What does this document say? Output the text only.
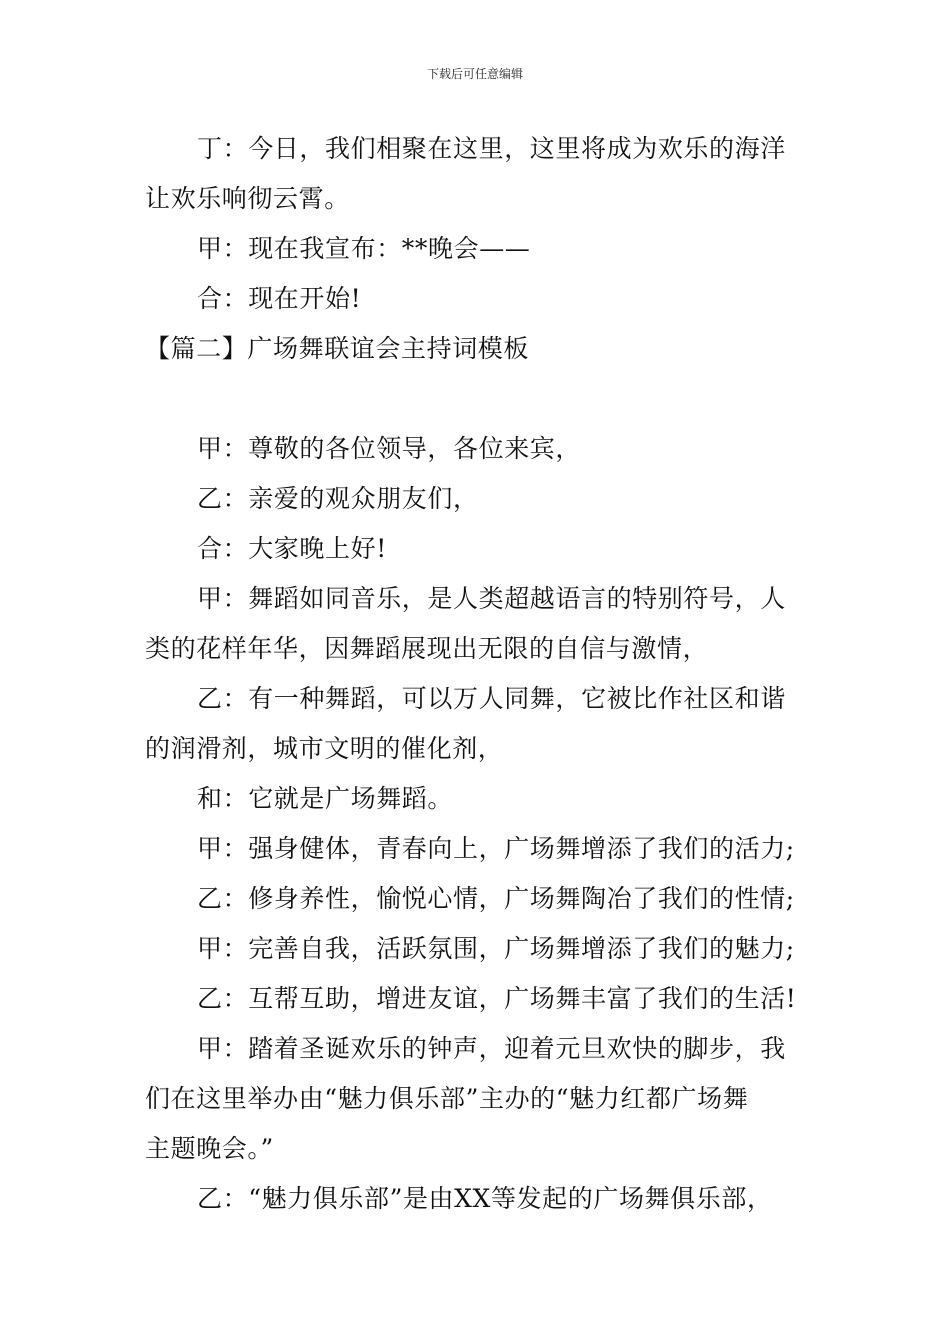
下载后可任意编辑
丁：今日，我们相聚在这里，这里将成为欢乐的海洋
让欢乐响彻云霄。
甲：现在我宣布：**晚会——
合：现在开始!
【篇二】广场舞联谊会主持词模板
甲：尊敬的各位领导，各位来宾，
乙：亲爱的观众朋友们，
合：大家晚上好!
甲：舞蹈如同音乐，是人类超越语言的特别符号，人
类的花样年华，因舞蹈展现出无限的自信与激情，
乙：有一种舞蹈，可以万人同舞，它被比作社区和谐
的润滑剂，城市文明的催化剂，
和：它就是广场舞蹈。
甲：强身健体，青春向上，广场舞增添了我们的活力;
乙：修身养性，愉悦心情，广场舞陶冶了我们的性情;
甲：完善自我，活跃氛围，广场舞增添了我们的魅力;
乙：互帮互助，增进友谊，广场舞丰富了我们的生活!
甲：踏着圣诞欢乐的钟声，迎着元旦欢快的脚步，我
们在这里举办由“魅力俱乐部”主办的“魅力红都广场舞
主题晚会。”
乙：“魅力俱乐部”是由XX等发起的广场舞俱乐部，
